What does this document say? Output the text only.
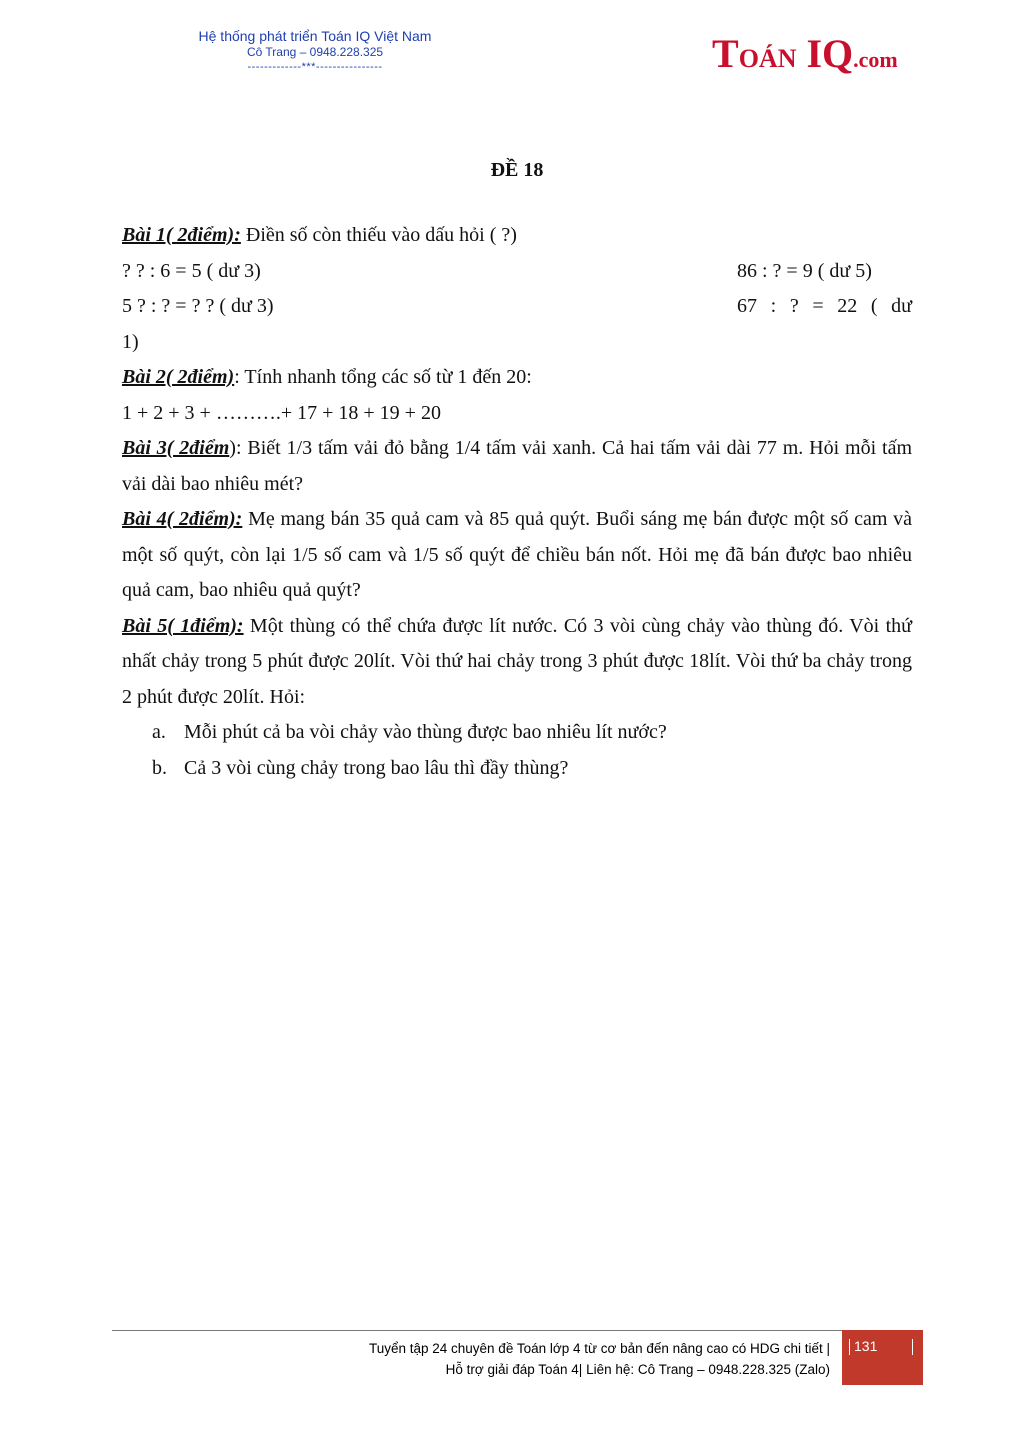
Hệ thống phát triển Toán IQ Việt Nam
Cô Trang – 0948.228.325
-------------***----------------	TOÁN IQ.com
ĐỀ 18
Bài 1( 2điểm): Điền số còn thiếu vào dấu hỏi ( ?)
? ? : 6 = 5 ( dư 3)	86 : ? = 9 ( dư 5)
5 ? : ? = ? ? ( dư 3)	67 : ? = 22 ( dư
1)
Bài 2( 2điểm): Tính nhanh tổng các số từ 1 đến 20:
1 + 2 + 3 + ……….+ 17 + 18 + 19 + 20
Bài 3( 2điểm): Biết 1/3 tấm vải đỏ bằng 1/4 tấm vải xanh. Cả hai tấm vải dài 77 m. Hỏi mỗi tấm vải dài bao nhiêu mét?
Bài 4( 2điểm): Mẹ mang bán 35 quả cam và 85 quả quýt. Buổi sáng mẹ bán được một số cam và một số quýt, còn lại 1/5 số cam và 1/5 số quýt để chiều bán nốt. Hỏi mẹ đã bán được bao nhiêu quả cam, bao nhiêu quả quýt?
Bài 5( 1điểm): Một thùng có thể chứa được lít nước. Có 3 vòi cùng chảy vào thùng đó. Vòi thứ nhất chảy trong 5 phút được 20lít. Vòi thứ hai chảy trong 3 phút được 18lít. Vòi thứ ba chảy trong 2 phút được 20lít. Hỏi:
a. Mỗi phút cả ba vòi chảy vào thùng được bao nhiêu lít nước?
b. Cả 3 vòi cùng chảy trong bao lâu thì đầy thùng?
Tuyển tập 24 chuyên đề Toán lớp 4 từ cơ bản đến nâng cao có HDG chi tiết |
Hỗ trợ giải đáp Toán 4| Liên hệ: Cô Trang – 0948.228.325 (Zalo)
131
